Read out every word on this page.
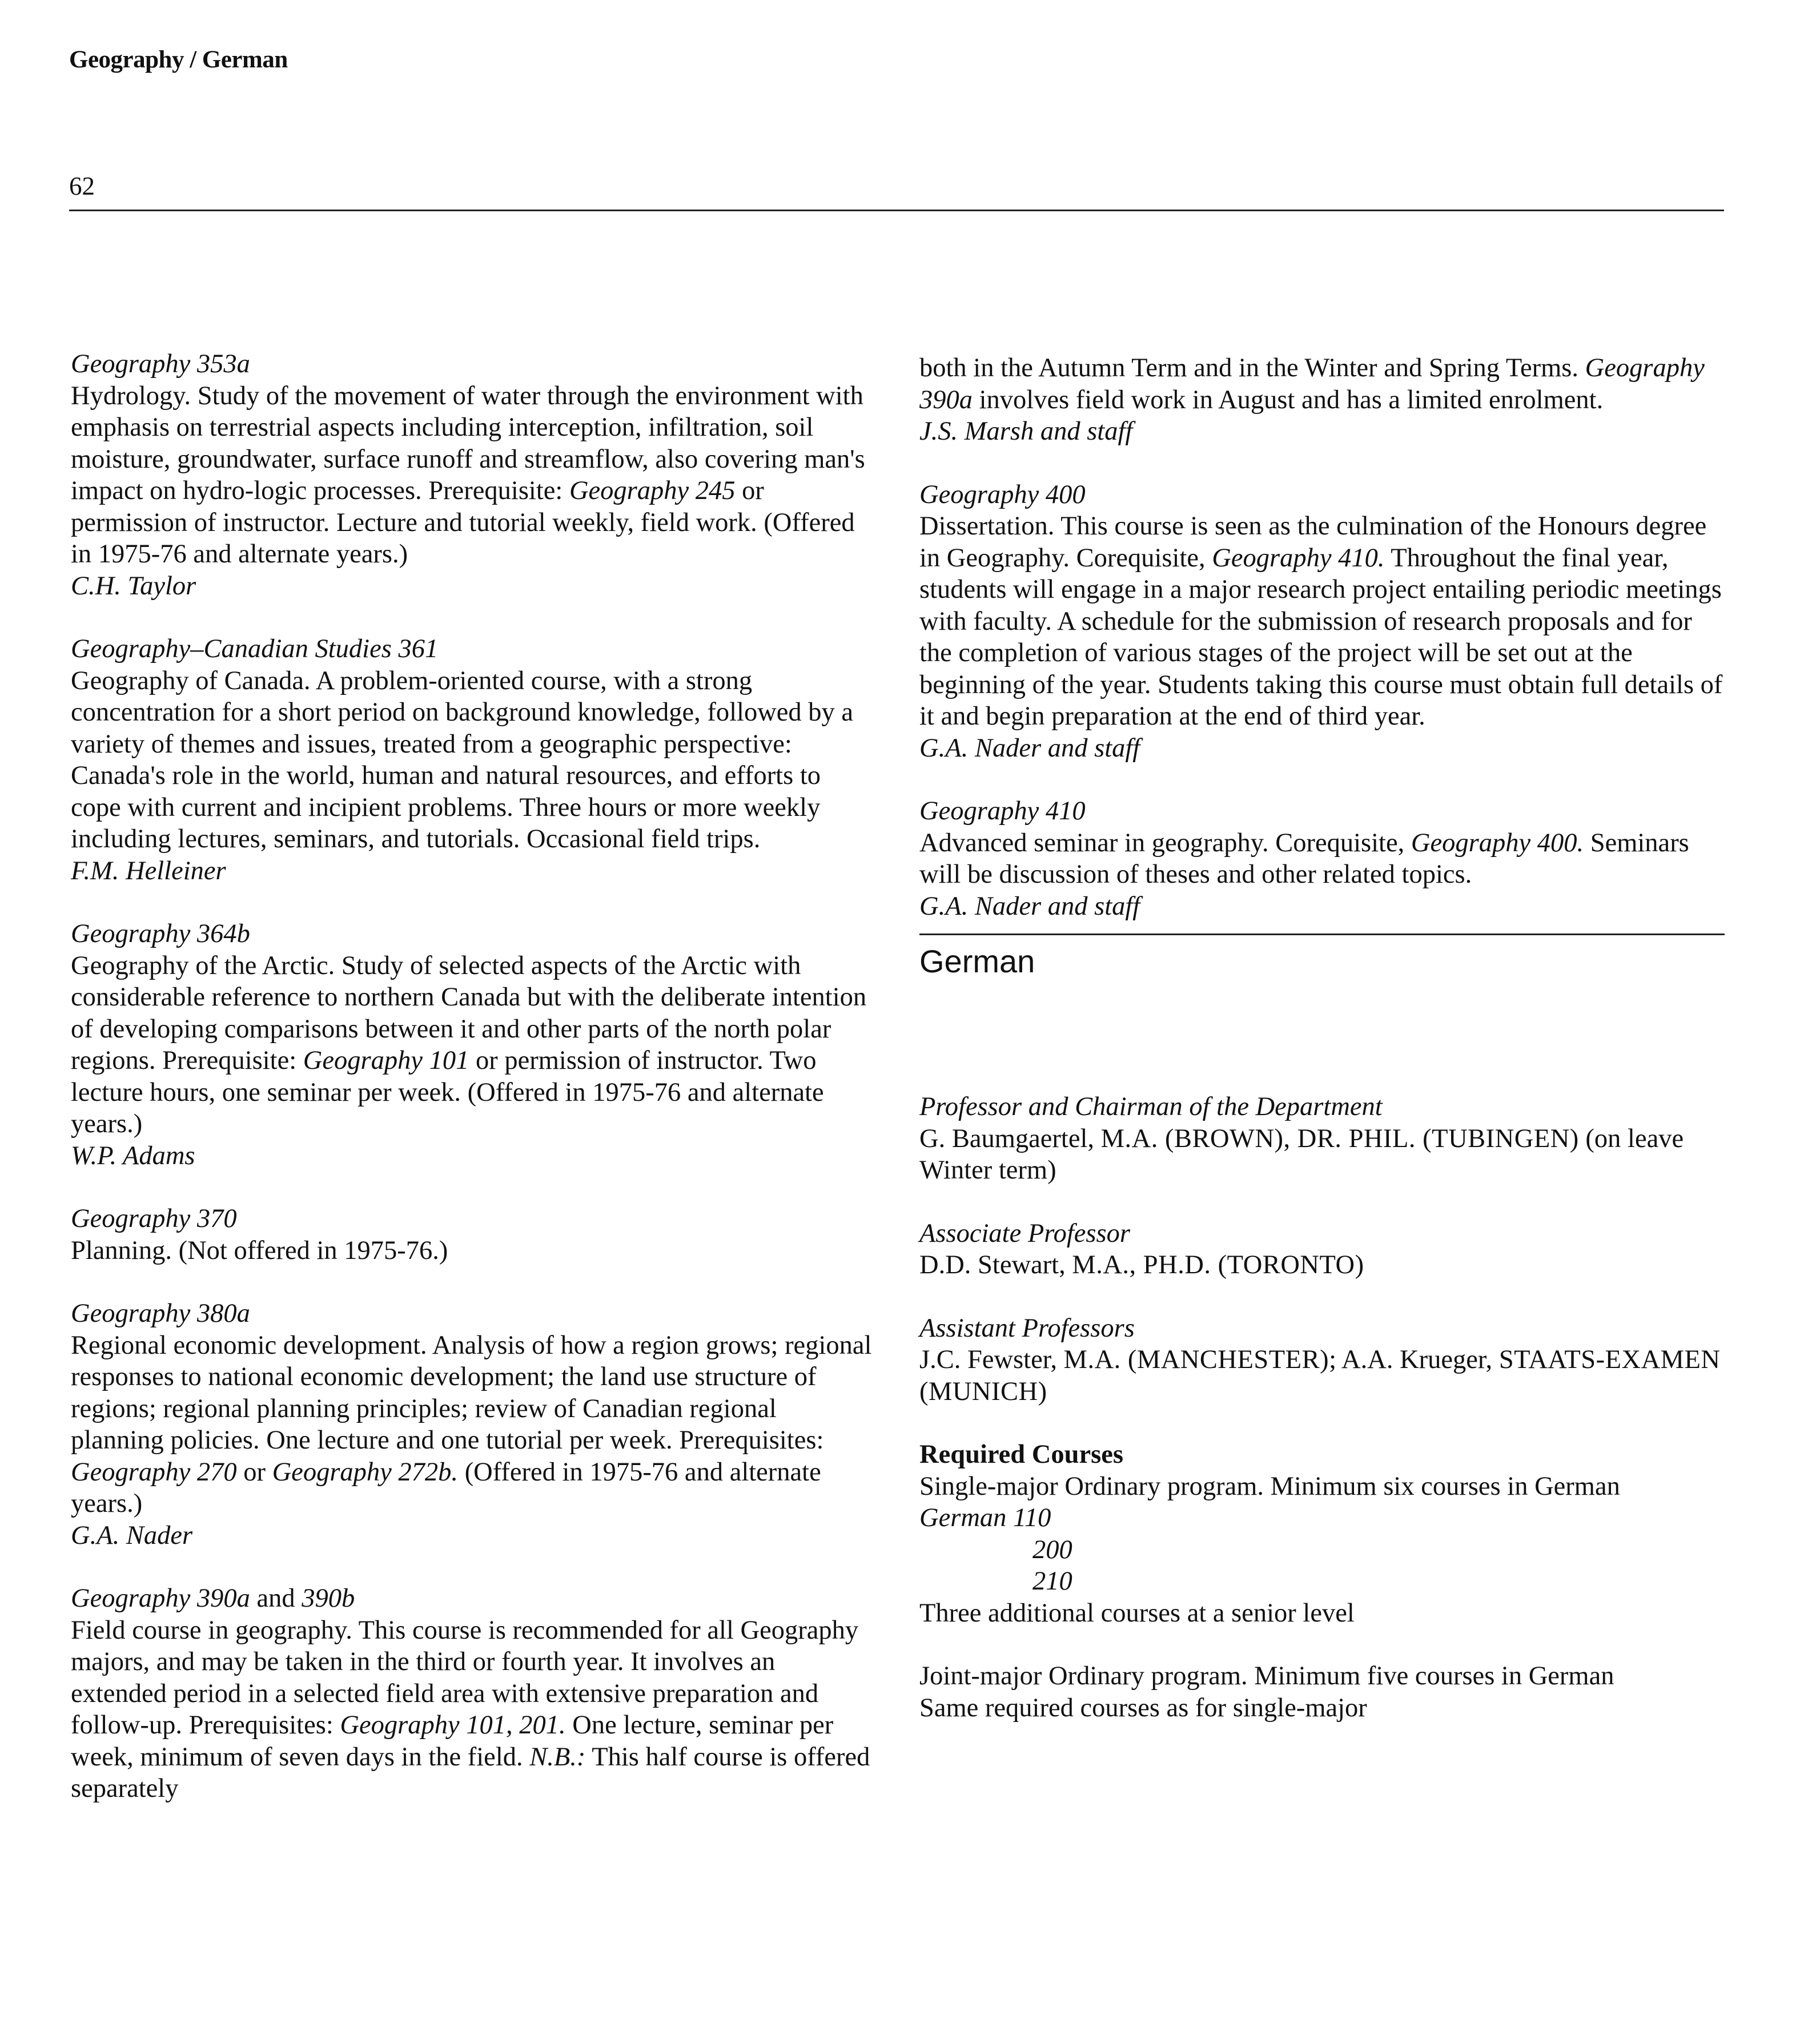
Geography / German
62
Geography 353a

Hydrology. Study of the movement of water through the environment with emphasis on terrestrial aspects including interception, infiltration, soil moisture, groundwater, surface runoff and streamflow, also covering man's impact on hydro-logic processes. Prerequisite: Geography 245 or permission of instructor. Lecture and tutorial weekly, field work. (Offered in 1975-76 and alternate years.)

C.H. Taylor
Geography–Canadian Studies 361

Geography of Canada. A problem-oriented course, with a strong concentration for a short period on background knowledge, followed by a variety of themes and issues, treated from a geographic perspective: Canada's role in the world, human and natural resources, and efforts to cope with current and incipient problems. Three hours or more weekly including lectures, seminars, and tutorials. Occasional field trips.

F.M. Helleiner
Geography 364b

Geography of the Arctic. Study of selected aspects of the Arctic with considerable reference to northern Canada but with the deliberate intention of developing comparisons between it and other parts of the north polar regions. Prerequisite: Geography 101 or permission of instructor. Two lecture hours, one seminar per week. (Offered in 1975-76 and alternate years.)

W.P. Adams
Geography 370

Planning. (Not offered in 1975-76.)

Geography 380a

Regional economic development. Analysis of how a region grows; regional responses to national economic development; the land use structure of regions; regional planning principles; review of Canadian regional planning policies. One lecture and one tutorial per week. Prerequisites: Geography 270 or Geography 272b. (Offered in 1975-76 and alternate years.)

G.A. Nader
Geography 390a and 390b

Field course in geography. This course is recommended for all Geography majors, and may be taken in the third or fourth year. It involves an extended period in a selected field area with extensive preparation and follow-up. Prerequisites: Geography 101, 201. One lecture, seminar per week, minimum of seven days in the field. N.B.: This half course is offered separately

both in the Autumn Term and in the Winter and Spring Terms. Geography 390a involves field work in August and has a limited enrolment.

J.S. Marsh and staff
Geography 400

Dissertation. This course is seen as the culmination of the Honours degree in Geography. Corequisite, Geography 410. Throughout the final year, students will engage in a major research project entailing periodic meetings with faculty. A schedule for the submission of research proposals and for the completion of various stages of the project will be set out at the beginning of the year. Students taking this course must obtain full details of it and begin preparation at the end of third year.

G.A. Nader and staff
Geography 410

Advanced seminar in geography. Corequisite, Geography 400. Seminars will be discussion of theses and other related topics.

G.A. Nader and staff
German
Professor and Chairman of the Department
G. Baumgaertel, M.A. (BROWN), DR. PHIL. (TUBINGEN) (on leave Winter term)
Associate Professor
D.D. Stewart, M.A., PH.D. (TORONTO)
Assistant Professors
J.C. Fewster, M.A. (MANCHESTER); A.A. Krueger, STAATS-EXAMEN (MUNICH)
Required Courses
Single-major Ordinary program. Minimum six courses in German
German 110
200
210
Three additional courses at a senior level
Joint-major Ordinary program. Minimum five courses in German
Same required courses as for single-major
